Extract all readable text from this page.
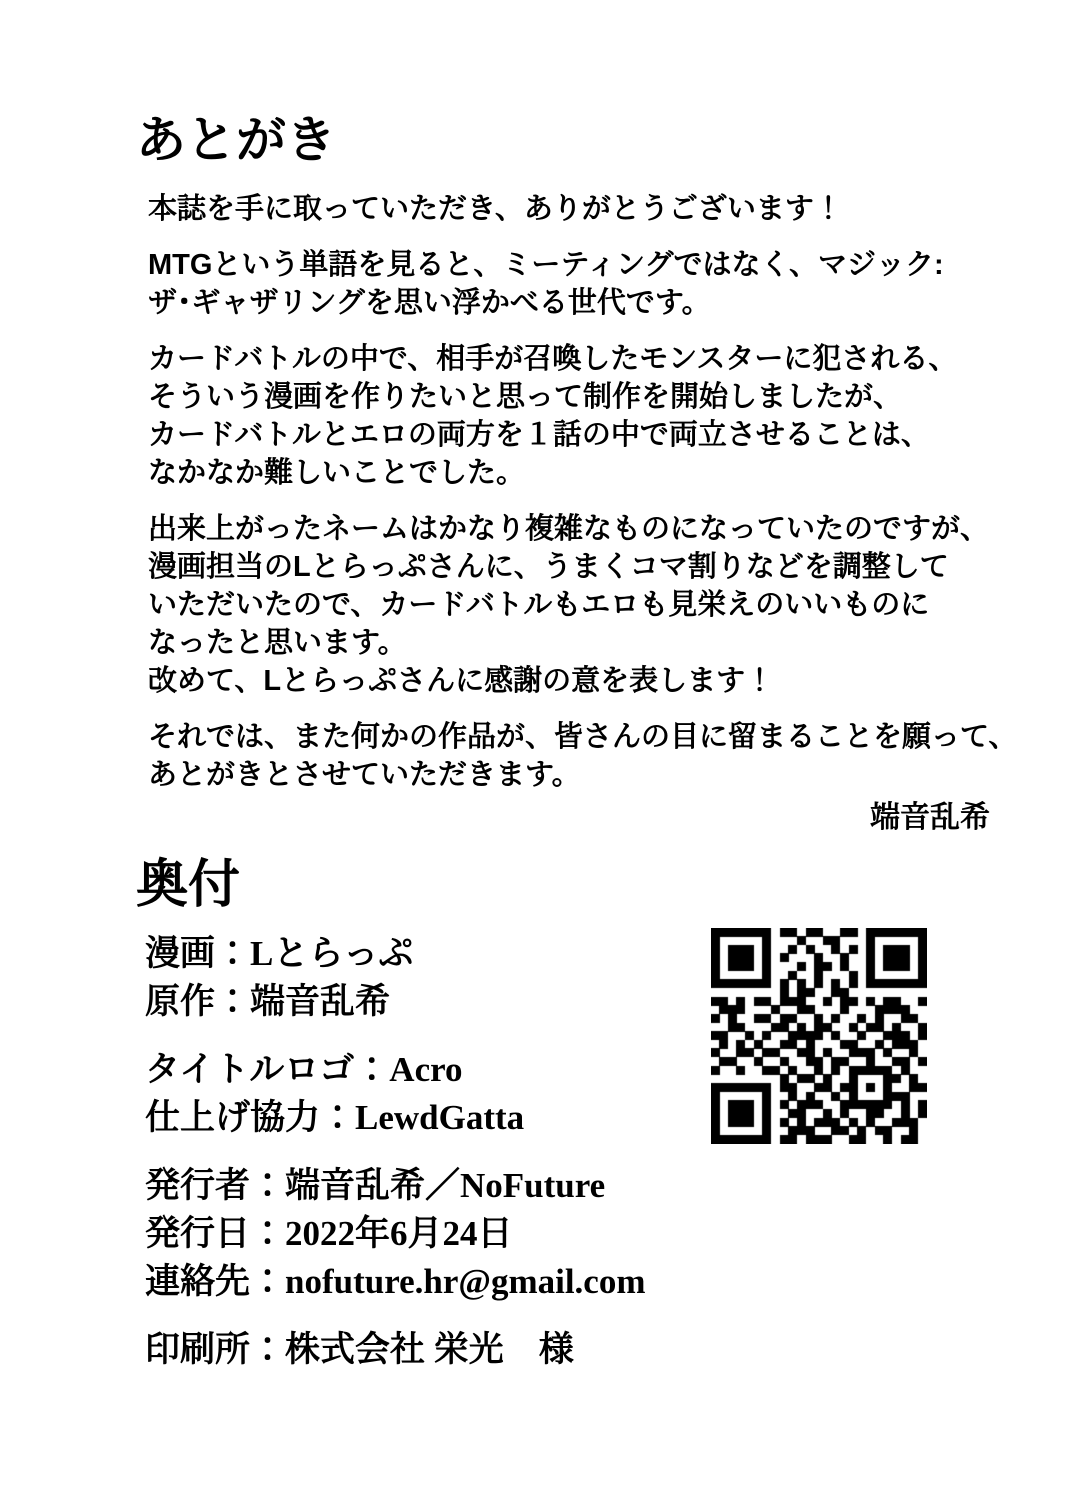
あとがき

本誌を手に取っていただき、ありがとうございます！

MTGという単語を見ると、ミーティングではなく、マジック:
ザ･ギャザリングを思い浮かべる世代です。

カードバトルの中で、相手が召喚したモンスターに犯される、
そういう漫画を作りたいと思って制作を開始しましたが、
カードバトルとエロの両方を１話の中で両立させることは、
なかなか難しいことでした。

出来上がったネームはかなり複雑なものになっていたのですが、
漫画担当のLとらっぷさんに、うまくコマ割りなどを調整して
いただいたので、カードバトルもエロも見栄えのいいものに
なったと思います。
改めて、Lとらっぷさんに感謝の意を表します！

それでは、また何かの作品が、皆さんの目に留まることを願って、
あとがきとさせていただきます。

端音乱希
奥付
漫画：Lとらっぷ
原作：端音乱希
タイトルロゴ：Acro
仕上げ協力：LewdGatta
発行者：端音乱希／NoFuture
発行日：2022年6月24日
連絡先：nofuture.hr@gmail.com
印刷所：株式会社 栄光　様
